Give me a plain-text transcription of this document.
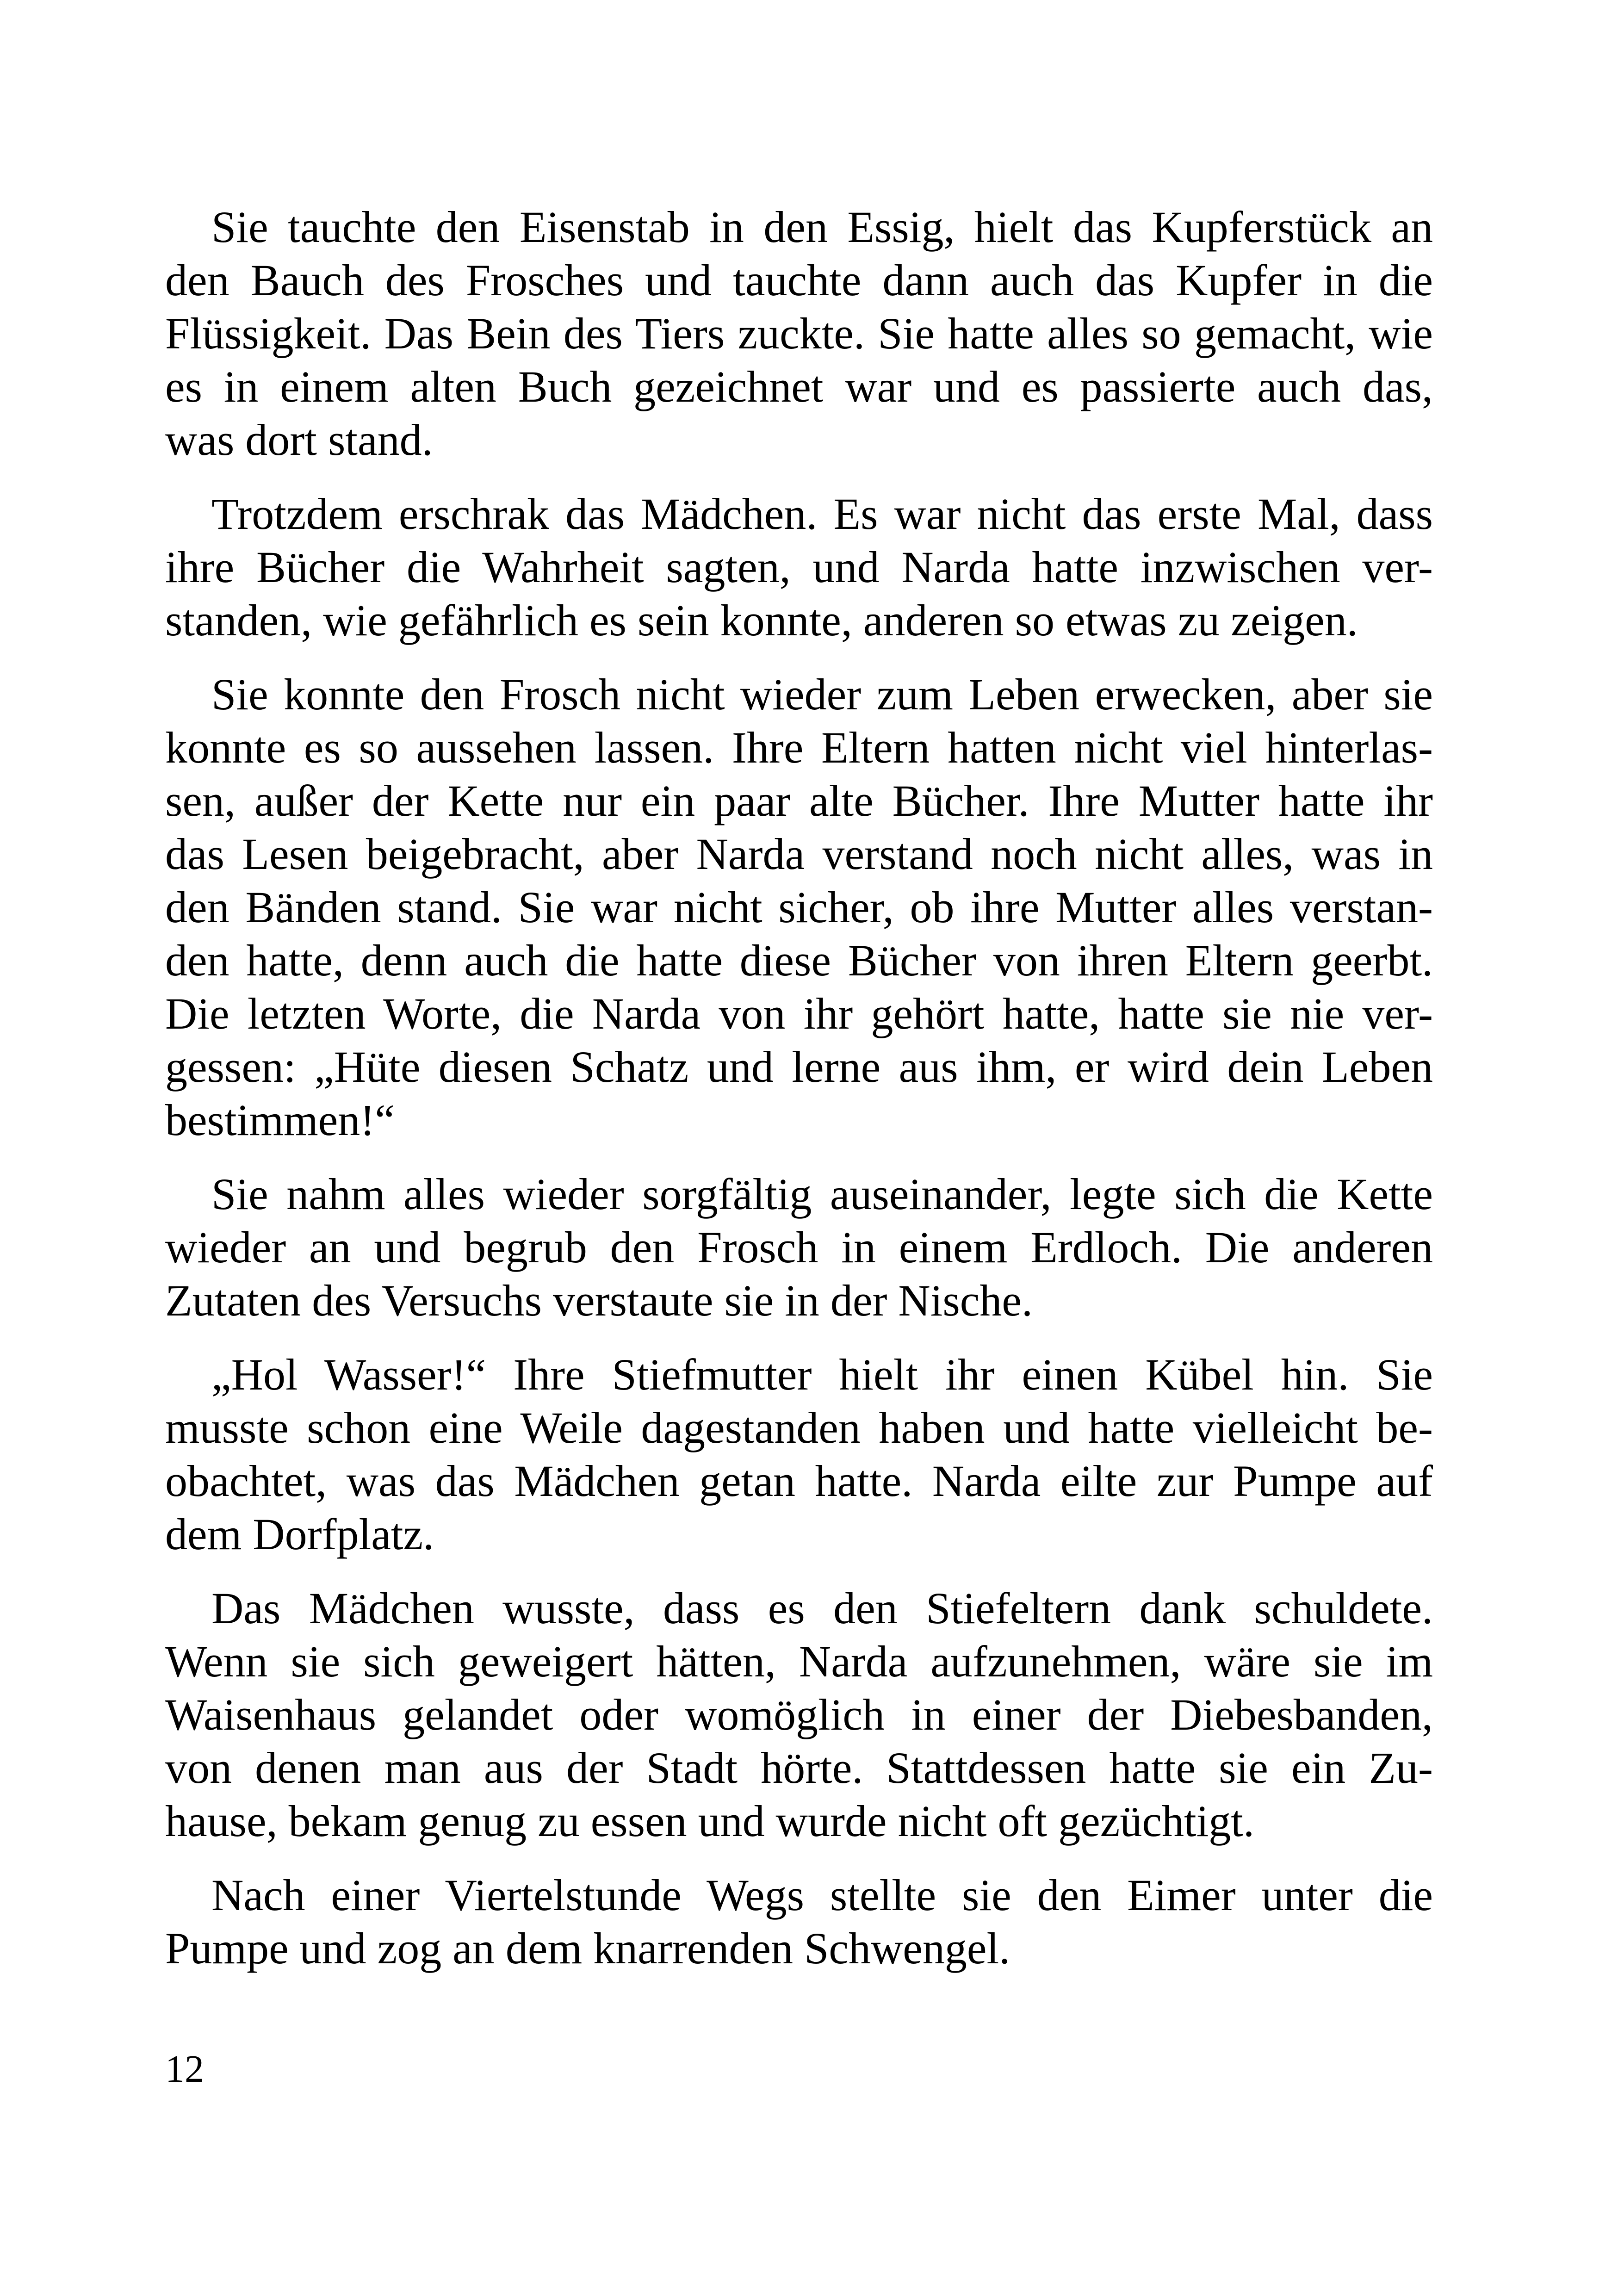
Sie tauchte den Eisenstab in den Essig, hielt das Kupferstück an
den Bauch des Frosches und tauchte dann auch das Kupfer in die
Flüssigkeit. Das Bein des Tiers zuckte. Sie hatte alles so gemacht, wie
es in einem alten Buch gezeichnet war und es passierte auch das,
was dort stand.
Trotzdem erschrak das Mädchen. Es war nicht das erste Mal, dass
ihre Bücher die Wahrheit sagten, und Narda hatte inzwischen ver-
standen, wie gefährlich es sein konnte, anderen so etwas zu zeigen.
Sie konnte den Frosch nicht wieder zum Leben erwecken, aber sie
konnte es so aussehen lassen. Ihre Eltern hatten nicht viel hinterlas-
sen, außer der Kette nur ein paar alte Bücher. Ihre Mutter hatte ihr
das Lesen beigebracht, aber Narda verstand noch nicht alles, was in
den Bänden stand. Sie war nicht sicher, ob ihre Mutter alles verstan-
den hatte, denn auch die hatte diese Bücher von ihren Eltern geerbt.
Die letzten Worte, die Narda von ihr gehört hatte, hatte sie nie ver-
gessen: „Hüte diesen Schatz und lerne aus ihm, er wird dein Leben
bestimmen!“
Sie nahm alles wieder sorgfältig auseinander, legte sich die Kette
wieder an und begrub den Frosch in einem Erdloch. Die anderen
Zutaten des Versuchs verstaute sie in der Nische.
„Hol Wasser!“ Ihre Stiefmutter hielt ihr einen Kübel hin. Sie
musste schon eine Weile dagestanden haben und hatte vielleicht be-
obachtet, was das Mädchen getan hatte. Narda eilte zur Pumpe auf
dem Dorfplatz.
Das Mädchen wusste, dass es den Stiefeltern dank schuldete.
Wenn sie sich geweigert hätten, Narda aufzunehmen, wäre sie im
Waisenhaus gelandet oder womöglich in einer der Diebesbanden,
von denen man aus der Stadt hörte. Stattdessen hatte sie ein Zu-
hause, bekam genug zu essen und wurde nicht oft gezüchtigt.
Nach einer Viertelstunde Wegs stellte sie den Eimer unter die
Pumpe und zog an dem knarrenden Schwengel.
12
